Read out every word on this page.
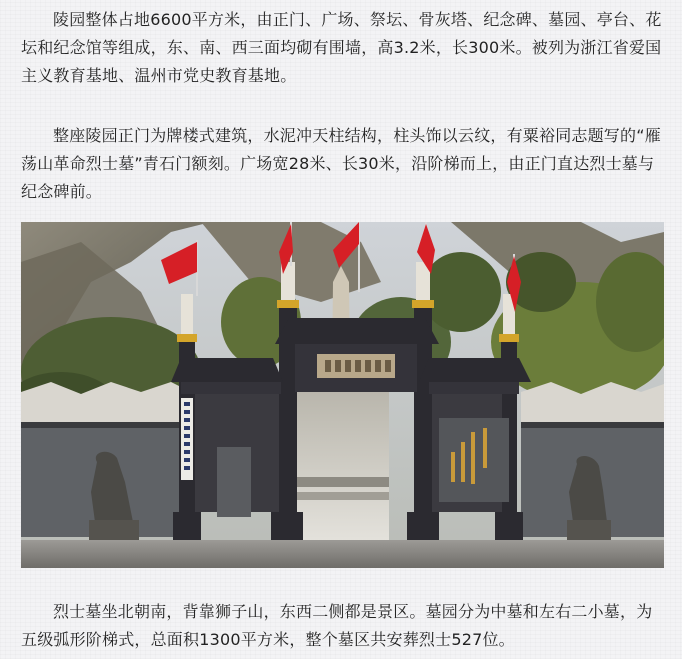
陵园整体占地6600平方米，由正门、广场、祭坛、骨灰塔、纪念碑、墓园、亭台、花坛和纪念馆等组成，东、南、西三面均砌有围墙，高3.2米，长300米。被列为浙江省爱国主义教育基地、温州市党史教育基地。

整座陵园正门为牌楼式建筑，水泥冲天柱结构，柱头饰以云纹，有粟裕同志题写的“雁荡山革命烈士墓”青石门额刻。广场宽28米、长30米，沿阶梯而上，由正门直达烈士墓与纪念碑前。

烈士墓坐北朝南，背靠狮子山，东西二侧都是景区。墓园分为中墓和左右二小墓，为五级弧形阶梯式，总面积1300平方米，整个墓区共安葬烈士527位。
